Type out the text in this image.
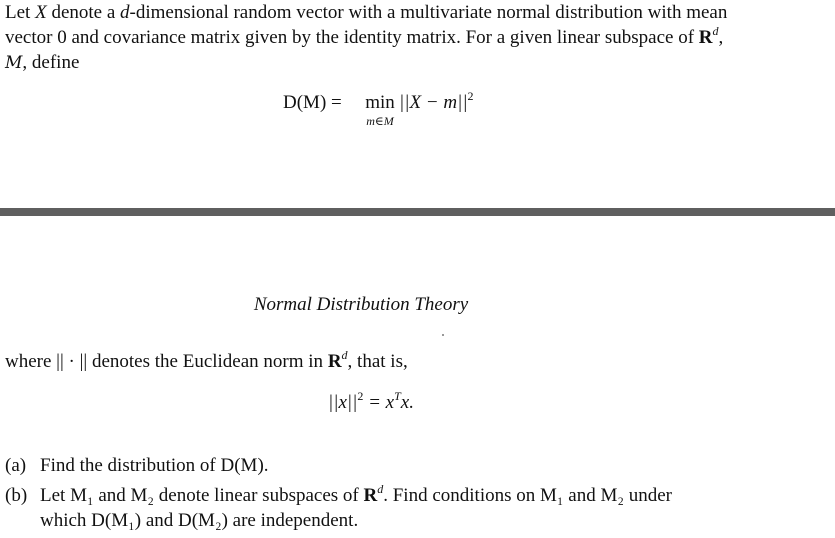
Let X denote a d-dimensional random vector with a multivariate normal distribution with mean
vector 0 and covariance matrix given by the identity matrix. For a given linear subspace of $R^d$,
M, define
D(M) = min
m∈M
$||X - m||^2$
Normal Distribution Theory
where || · || denotes the Euclidean norm in $R^d$, that is,
$||x||^2 = x^Tx$.
(a) Find the distribution of D(M).
(b) Let M₁ and M₂ denote linear subspaces of $R^d$. Find conditions on M₁ and M₂ under
which D(M₁) and D(M₂) are independent.
